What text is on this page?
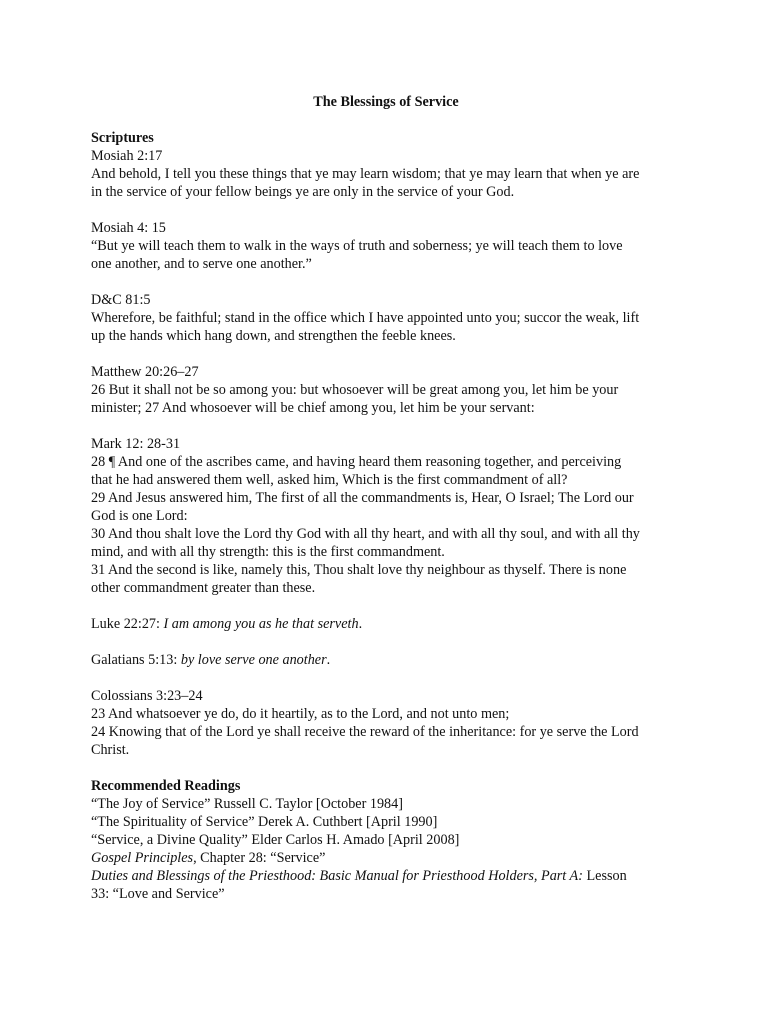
The Blessings of Service

Scriptures

Mosiah 2:17

And behold, I tell you these things that ye may learn wisdom; that ye may learn that when ye are

in the service of your fellow beings ye are only in the service of your God.

Mosiah 4: 15

“But ye will teach them to walk in the ways of truth and soberness; ye will teach them to love

one another, and to serve one another.”

D&C 81:5

Wherefore, be faithful; stand in the office which I have appointed unto you; succor the weak, lift

up the hands which hang down, and strengthen the feeble knees.

Matthew 20:26–27

26 But it shall not be so among you: but whosoever will be great among you, let him be your

minister; 27 And whosoever will be chief among you, let him be your servant:

Mark 12: 28-31

28 ¶ And one of the ascribes came, and having heard them reasoning together, and perceiving

that he had answered them well, asked him, Which is the first commandment of all?

29 And Jesus answered him, The first of all the commandments is, Hear, O Israel; The Lord our

God is one Lord:

30 And thou shalt love the Lord thy God with all thy heart, and with all thy soul, and with all thy

mind, and with all thy strength: this is the first commandment.

31 And the second is like, namely this, Thou shalt love thy neighbour as thyself. There is none

other commandment greater than these.

Luke 22:27: I am among you as he that serveth.

Galatians 5:13: by love serve one another.

Colossians 3:23–24

23 And whatsoever ye do, do it heartily, as to the Lord, and not unto men;

24 Knowing that of the Lord ye shall receive the reward of the inheritance: for ye serve the Lord

Christ.

Recommended Readings

“The Joy of Service” Russell C. Taylor [October 1984]

“The Spirituality of Service” Derek A. Cuthbert [April 1990]

“Service, a Divine Quality” Elder Carlos H. Amado [April 2008]

Gospel Principles, Chapter 28: “Service”

Duties and Blessings of the Priesthood: Basic Manual for Priesthood Holders, Part A: Lesson

33: “Love and Service”
